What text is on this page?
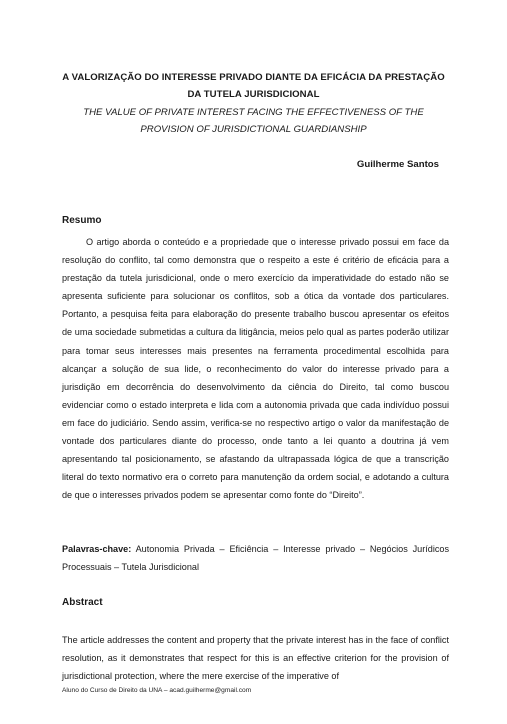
A VALORIZAÇÃO DO INTERESSE PRIVADO DIANTE DA EFICÁCIA DA PRESTAÇÃO DA TUTELA JURISDICIONAL
THE VALUE OF PRIVATE INTEREST FACING THE EFFECTIVENESS OF THE PROVISION OF JURISDICTIONAL GUARDIANSHIP
Guilherme Santos
Resumo

O artigo aborda o conteúdo e a propriedade que o interesse privado possui em face da resolução do conflito, tal como demonstra que o respeito a este é critério de eficácia para a prestação da tutela jurisdicional, onde o mero exercício da imperatividade do estado não se apresenta suficiente para solucionar os conflitos, sob a ótica da vontade dos particulares. Portanto, a pesquisa feita para elaboração do presente trabalho buscou apresentar os efeitos de uma sociedade submetidas a cultura da litigância, meios pelo qual as partes poderão utilizar para tomar seus interesses mais presentes na ferramenta procedimental escolhida para alcançar a solução de sua lide, o reconhecimento do valor do interesse privado para a jurisdição em decorrência do desenvolvimento da ciência do Direito, tal como buscou evidenciar como o estado interpreta e lida com a autonomia privada que cada indivíduo possui em face do judiciário. Sendo assim, verifica-se no respectivo artigo o valor da manifestação de vontade dos particulares diante do processo, onde tanto a lei quanto a doutrina já vem apresentando tal posicionamento, se afastando da ultrapassada lógica de que a transcrição literal do texto normativo era o correto para manutenção da ordem social, e adotando a cultura de que o interesses privados podem se apresentar como fonte do “Direito”.

Palavras-chave: Autonomia Privada – Eficiência – Interesse privado – Negócios Jurídicos Processuais – Tutela Jurisdicional

Abstract

The article addresses the content and property that the private interest has in the face of conflict resolution, as it demonstrates that respect for this is an effective criterion for the provision of jurisdictional protection, where the mere exercise of the imperative of

Aluno do Curso de Direito da UNA – acad.guilherme@gmail.com
